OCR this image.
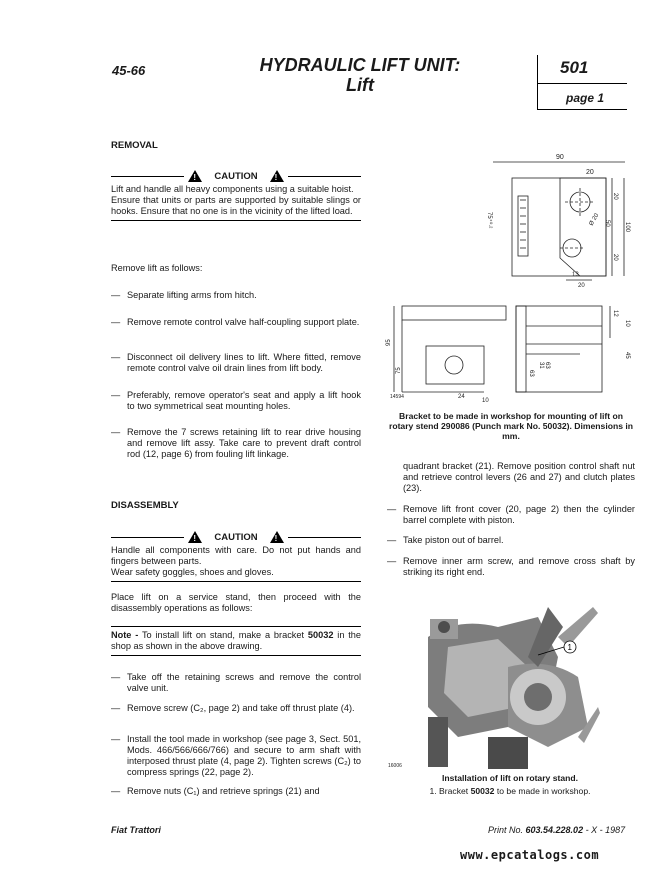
45-66	HYDRAULIC LIFT UNIT:
Lift
501
page 1
REMOVAL
!
CAUTION
!
Lift and handle all heavy components using a suitable hoist.
Ensure that units or parts are supported by suitable slings or hooks. Ensure that no one is in the vicinity of the lifted load.
Remove lift as follows:
— Separate lifting arms from hitch.
— Remove remote control valve half-coupling support plate.
— Disconnect oil delivery lines to lift. Where fitted, remove remote control valve oil drain lines from lift body.
— Preferably, remove operator's seat and apply a lift hook to two symmetrical seat mounting holes.
— Remove the 7 screws retaining lift to rear drive housing and remove lift assy. Take care to prevent draft control rod (12, page 6) from fouling lift linkage.
DISASSEMBLY
!
CAUTION
!
Handle all components with care. Do not put hands and fingers between parts.
Wear safety goggles, shoes and gloves.
Place lift on a service stand, then proceed with the disassembly operations as follows:
Note - To install lift on stand, make a bracket 50032 in the shop as shown in the above drawing.
— Take off the retaining screws and remove the control valve unit.
— Remove screw (C₂, page 2) and take off thrust plate (4).
— Install the tool made in workshop (see page 3, Sect. 501, Mods. 466/566/666/766) and secure to arm shaft with interposed thrust plate (4, page 2). Tighten screws (C₂) to compress springs (22, page 2).
— Remove nuts (C₁) and retrieve springs (21) and
90
20
20
Ø 20 50 100
20
13
20
75⁺⁰·²
12
10
45
63
31 63
95
75
24
10
14594
Bracket to be made in workshop for mounting of lift on rotary stend 290086 (Punch mark No. 50032). Dimensions in mm.
quadrant bracket (21). Remove position control shaft nut and retrieve control levers (26 and 27) and clutch plates (23).
— Remove lift front cover (20, page 2) then the cylinder barrel complete with piston.
— Take piston out of barrel.
— Remove inner arm screw, and remove cross shaft by striking its right end.
1
16006
Installation of lift on rotary stand.
1. Bracket 50032 to be made in workshop.
Fiat Trattori	Print No. 603.54.228.02 - X - 1987
www.epcatalogs.com
